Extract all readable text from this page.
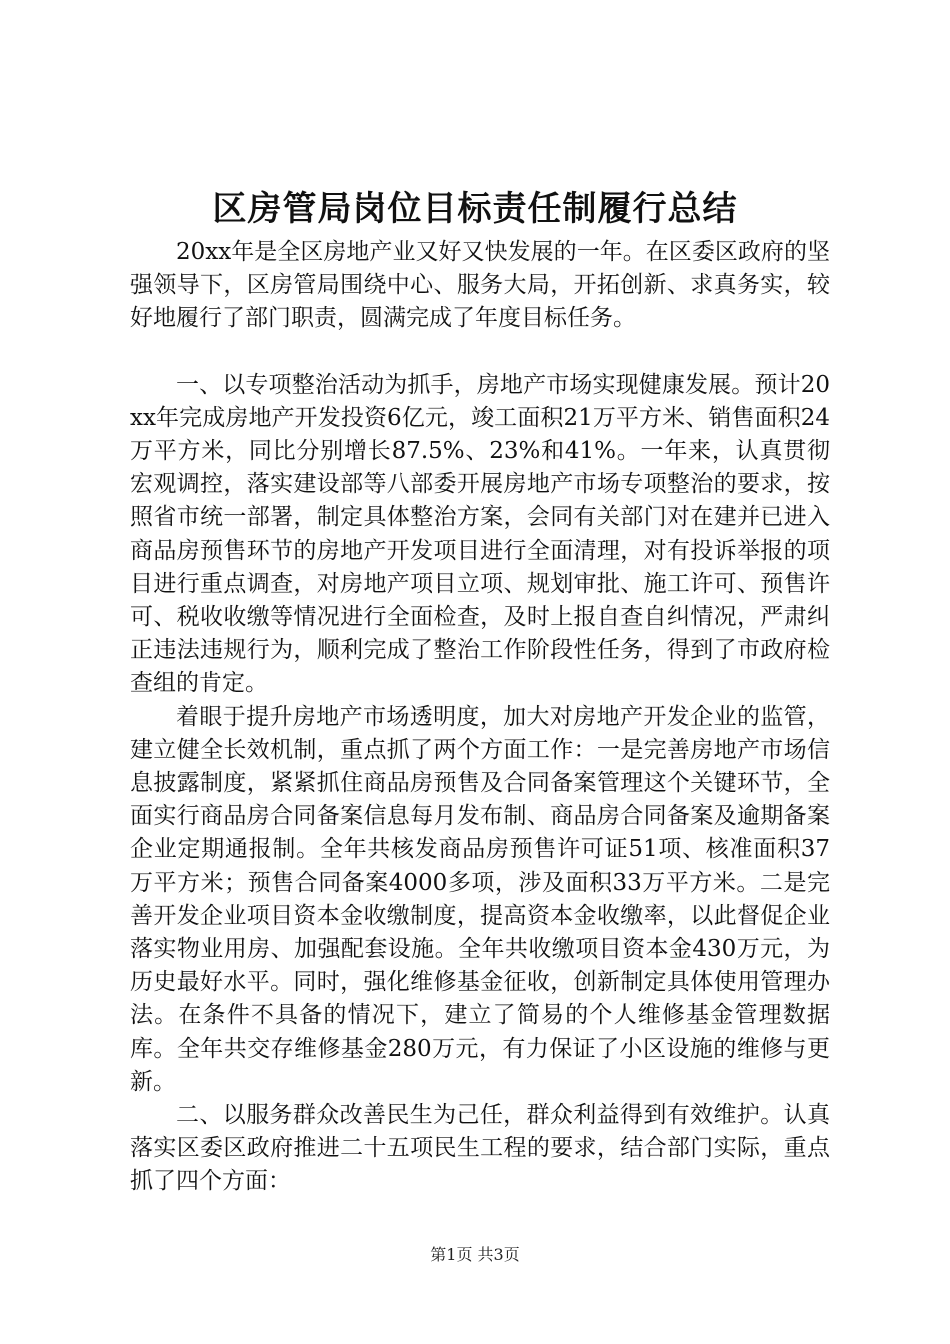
区房管局岗位目标责任制履行总结

20xx年是全区房地产业又好又快发展的一年。在区委区政府的坚强领导下，区房管局围绕中心、服务大局，开拓创新、求真务实，较好地履行了部门职责，圆满完成了年度目标任务。

一、以专项整治活动为抓手，房地产市场实现健康发展。预计20xx年完成房地产开发投资6亿元，竣工面积21万平方米、销售面积24万平方米，同比分别增长87.5%、23%和41%。一年来，认真贯彻宏观调控，落实建设部等八部委开展房地产市场专项整治的要求，按照省市统一部署，制定具体整治方案，会同有关部门对在建并已进入商品房预售环节的房地产开发项目进行全面清理，对有投诉举报的项目进行重点调查，对房地产项目立项、规划审批、施工许可、预售许可、税收收缴等情况进行全面检查，及时上报自查自纠情况，严肃纠正违法违规行为，顺利完成了整治工作阶段性任务，得到了市政府检查组的肯定。

着眼于提升房地产市场透明度，加大对房地产开发企业的监管，建立健全长效机制，重点抓了两个方面工作：一是完善房地产市场信息披露制度，紧紧抓住商品房预售及合同备案管理这个关键环节，全面实行商品房合同备案信息每月发布制、商品房合同备案及逾期备案企业定期通报制。全年共核发商品房预售许可证51项、核准面积37万平方米；预售合同备案4000多项，涉及面积33万平方米。二是完善开发企业项目资本金收缴制度，提高资本金收缴率，以此督促企业落实物业用房、加强配套设施。全年共收缴项目资本金430万元，为历史最好水平。同时，强化维修基金征收，创新制定具体使用管理办法。在条件不具备的情况下，建立了简易的个人维修基金管理数据库。全年共交存维修基金280万元，有力保证了小区设施的维修与更新。

二、以服务群众改善民生为己任，群众利益得到有效维护。认真落实区委区政府推进二十五项民生工程的要求，结合部门实际，重点抓了四个方面：

第1页 共3页
